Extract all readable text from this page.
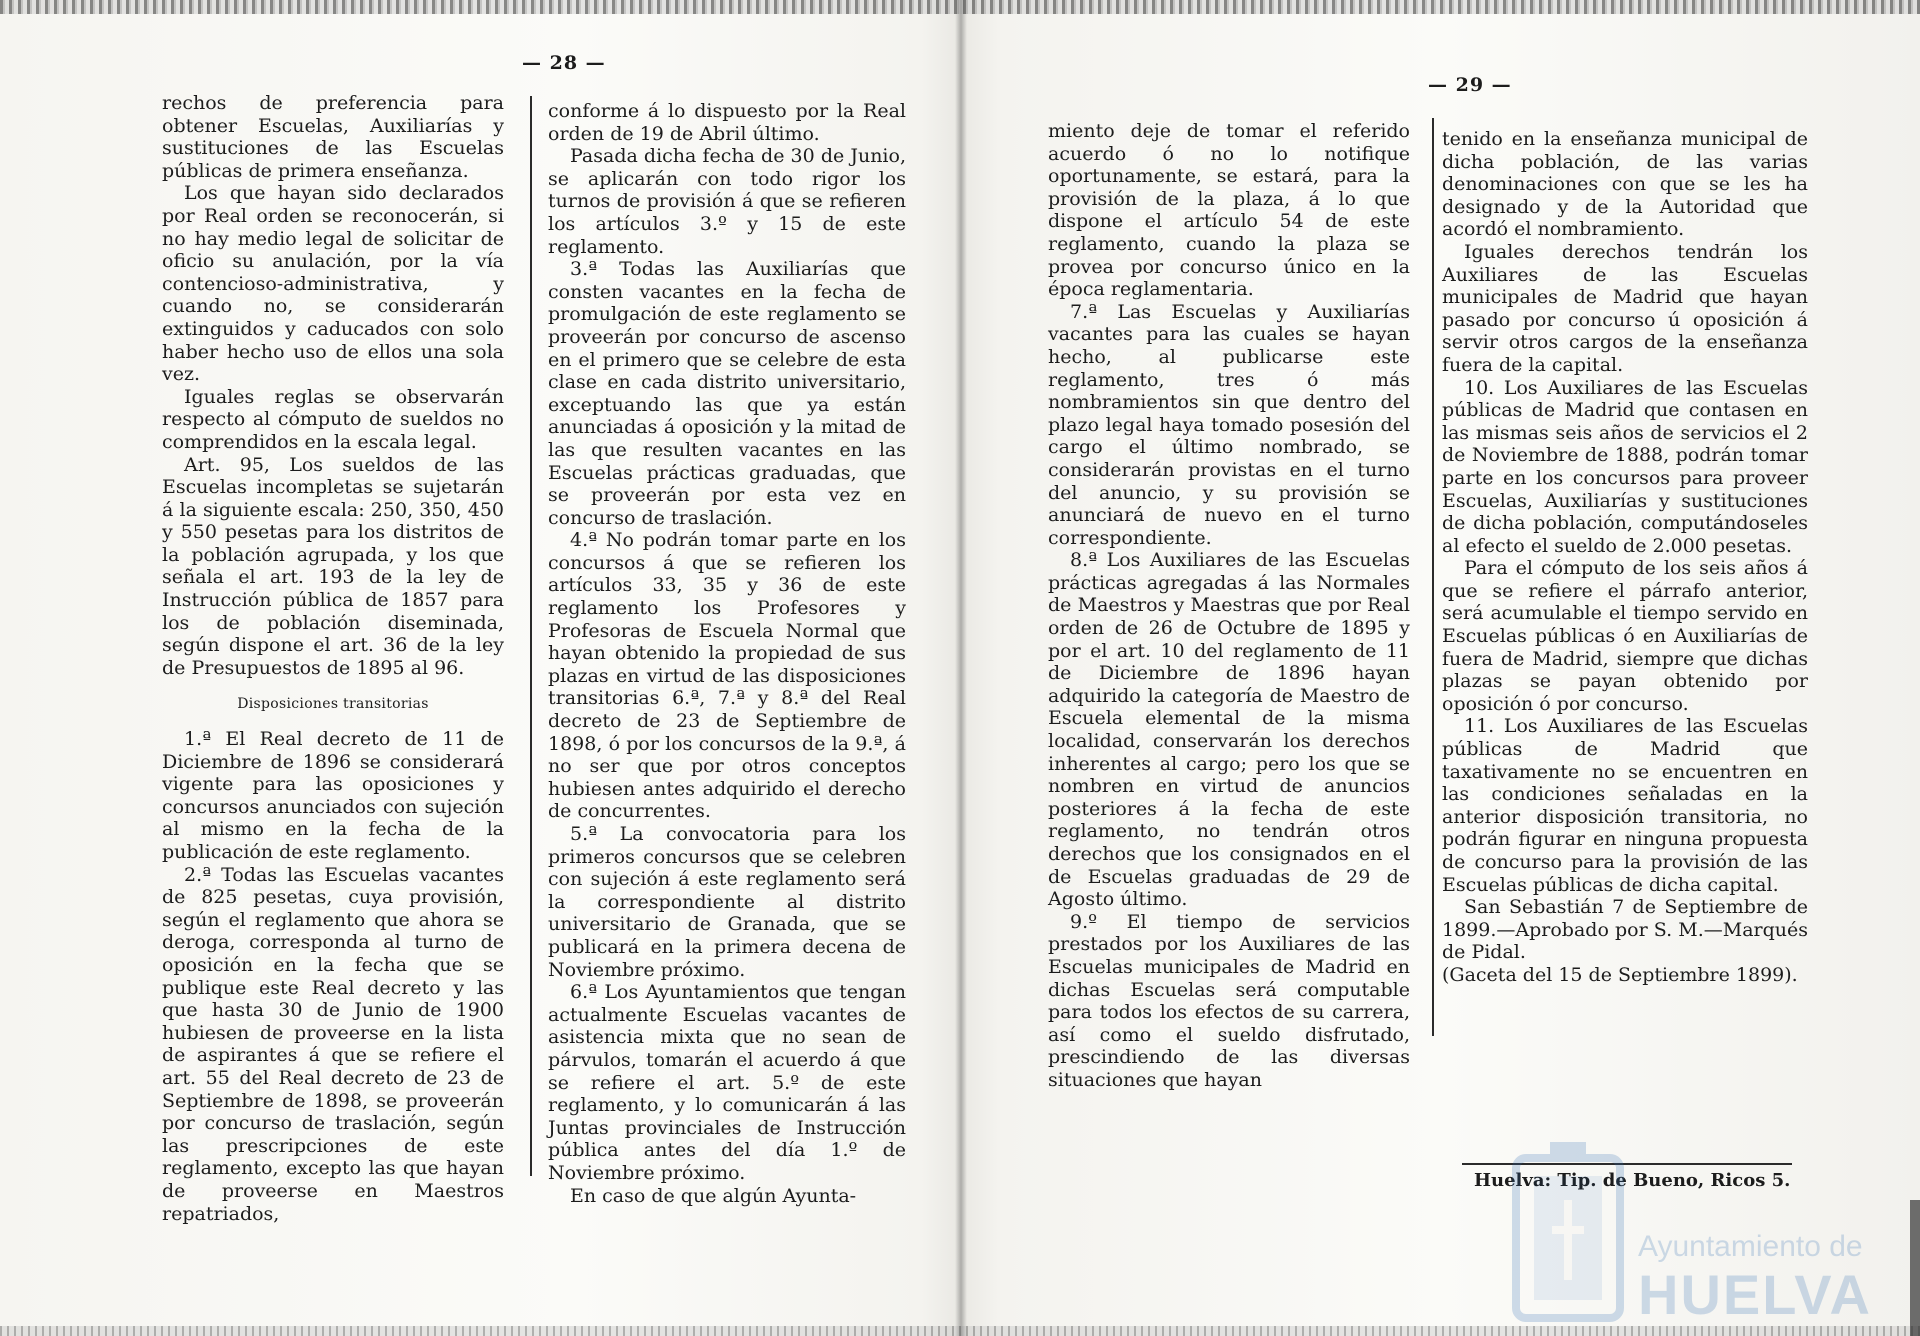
— 28 —

rechos de preferencia para obtener Escuelas, Auxiliarías y sustituciones de las Escuelas públicas de primera enseñanza.

Los que hayan sido declarados por Real orden se reconocerán, si no hay medio legal de solicitar de oficio su anulación, por la vía contencioso-administrativa, y cuando no, se considerarán extinguidos y caducados con solo haber hecho uso de ellos una sola vez.

Iguales reglas se observarán respecto al cómputo de sueldos no comprendidos en la escala legal.

Art. 95, Los sueldos de las Escuelas incompletas se sujetarán á la siguiente escala: 250, 350, 450 y 550 pesetas para los distritos de la población agrupada, y los que señala el art. 193 de la ley de Instrucción pública de 1857 para los de población diseminada, según dispone el art. 36 de la ley de Presupuestos de 1895 al 96.

Disposiciones transitorias

1.ª El Real decreto de 11 de Diciembre de 1896 se considerará vigente para las oposiciones y concursos anunciados con sujeción al mismo en la fecha de la publicación de este reglamento.

2.ª Todas las Escuelas vacantes de 825 pesetas, cuya provisión, según el reglamento que ahora se deroga, corresponda al turno de oposición en la fecha que se publique este Real decreto y las que hasta 30 de Junio de 1900 hubiesen de proveerse en la lista de aspirantes á que se refiere el art. 55 del Real decreto de 23 de Septiembre de 1898, se proveerán por concurso de traslación, según las prescripciones de este reglamento, excepto las que hayan de proveerse en Maestros repatriados,

conforme á lo dispuesto por la Real orden de 19 de Abril último.

Pasada dicha fecha de 30 de Junio, se aplicarán con todo rigor los turnos de provisión á que se refieren los artículos 3.º y 15 de este reglamento.

3.ª Todas las Auxiliarías que consten vacantes en la fecha de promulgación de este reglamento se proveerán por concurso de ascenso en el primero que se celebre de esta clase en cada distrito universitario, exceptuando las que ya están anunciadas á oposición y la mitad de las que resulten vacantes en las Escuelas prácticas graduadas, que se proveerán por esta vez en concurso de traslación.

4.ª No podrán tomar parte en los concursos á que se refieren los artículos 33, 35 y 36 de este reglamento los Profesores y Profesoras de Escuela Normal que hayan obtenido la propiedad de sus plazas en virtud de las disposiciones transitorias 6.ª, 7.ª y 8.ª del Real decreto de 23 de Septiembre de 1898, ó por los concursos de la 9.ª, á no ser que por otros conceptos hubiesen antes adquirido el derecho de concurrentes.

5.ª La convocatoria para los primeros concursos que se celebren con sujeción á este reglamento será la correspondiente al distrito universitario de Granada, que se publicará en la primera decena de Noviembre próximo.

6.ª Los Ayuntamientos que tengan actualmente Escuelas vacantes de asistencia mixta que no sean de párvulos, tomarán el acuerdo á que se refiere el art. 5.º de este reglamento, y lo comunicarán á las Juntas provinciales de Instrucción pública antes del día 1.º de Noviembre próximo.

En caso de que algún Ayunta-

— 29 —

miento deje de tomar el referido acuerdo ó no lo notifique oportunamente, se estará, para la provisión de la plaza, á lo que dispone el artículo 54 de este reglamento, cuando la plaza se provea por concurso único en la época reglamentaria.

7.ª Las Escuelas y Auxiliarías vacantes para las cuales se hayan hecho, al publicarse este reglamento, tres ó más nombramientos sin que dentro del plazo legal haya tomado posesión del cargo el último nombrado, se considerarán provistas en el turno del anuncio, y su provisión se anunciará de nuevo en el turno correspondiente.

8.ª Los Auxiliares de las Escuelas prácticas agregadas á las Normales de Maestros y Maestras que por Real orden de 26 de Octubre de 1895 y por el art. 10 del reglamento de 11 de Diciembre de 1896 hayan adquirido la categoría de Maestro de Escuela elemental de la misma localidad, conservarán los derechos inherentes al cargo; pero los que se nombren en virtud de anuncios posteriores á la fecha de este reglamento, no tendrán otros derechos que los consignados en el de Escuelas graduadas de 29 de Agosto último.

9.º El tiempo de servicios prestados por los Auxiliares de las Escuelas municipales de Madrid en dichas Escuelas será computable para todos los efectos de su carrera, así como el sueldo disfrutado, prescindiendo de las diversas situaciones que hayan

tenido en la enseñanza municipal de dicha población, de las varias denominaciones con que se les ha designado y de la Autoridad que acordó el nombramiento.

Iguales derechos tendrán los Auxiliares de las Escuelas municipales de Madrid que hayan pasado por concurso ú oposición á servir otros cargos de la enseñanza fuera de la capital.

10. Los Auxiliares de las Escuelas públicas de Madrid que contasen en las mismas seis años de servicios el 2 de Noviembre de 1888, podrán tomar parte en los concursos para proveer Escuelas, Auxiliarías y sustituciones de dicha población, computándoseles al efecto el sueldo de 2.000 pesetas.

Para el cómputo de los seis años á que se refiere el párrafo anterior, será acumulable el tiempo servido en Escuelas públicas ó en Auxiliarías de fuera de Madrid, siempre que dichas plazas se payan obtenido por oposición ó por concurso.

11. Los Auxiliares de las Escuelas públicas de Madrid que taxativamente no se encuentren en las condiciones señaladas en la anterior disposición transitoria, no podrán figurar en ninguna propuesta de concurso para la provisión de las Escuelas públicas de dicha capital.

San Sebastián 7 de Septiembre de 1899.—Aprobado por S. M.—Marqués de Pidal.

(Gaceta del 15 de Septiembre 1899).

Huelva: Tip. de Bueno, Ricos 5.
Ayuntamiento de
HUELVA
